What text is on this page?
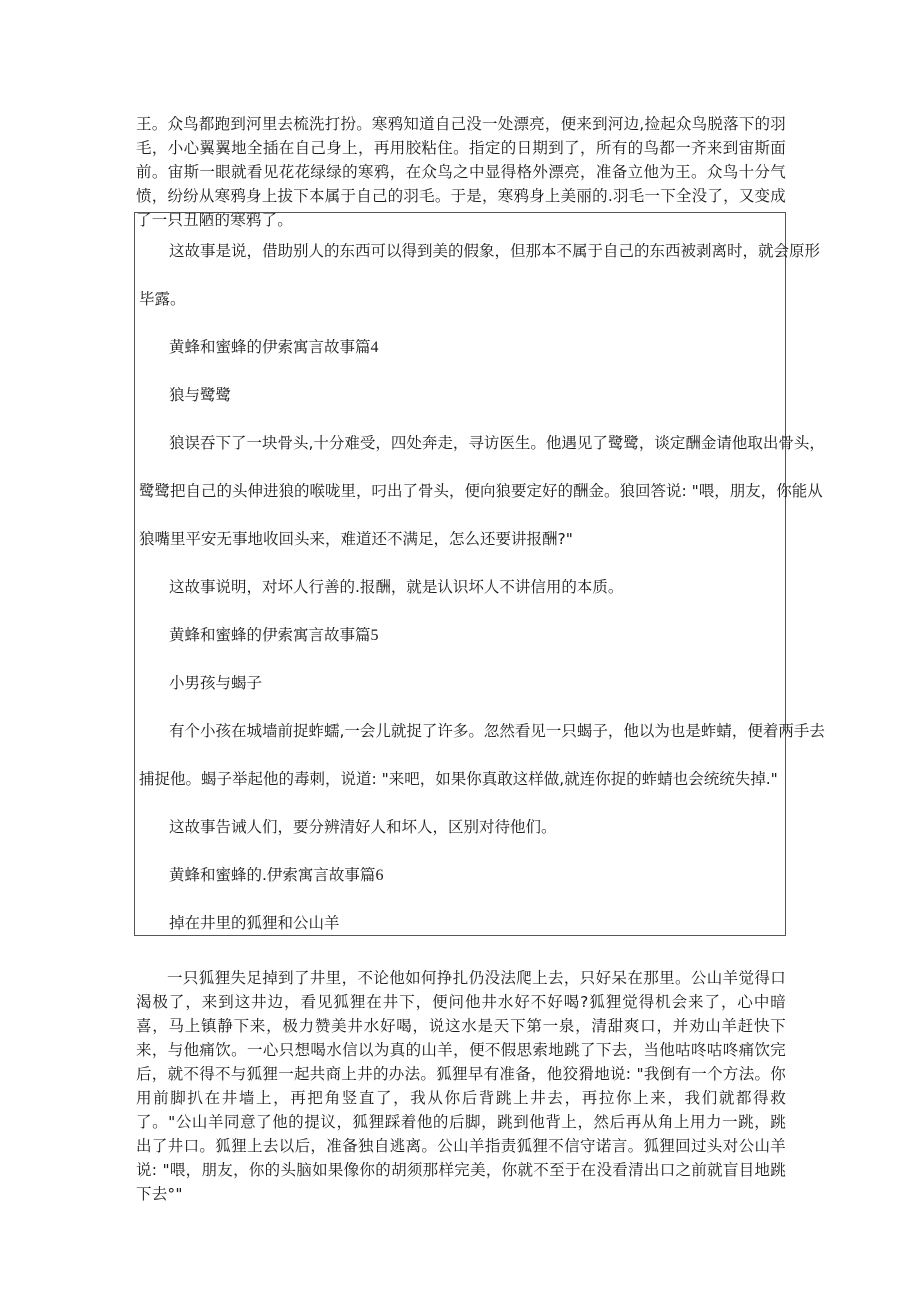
王。众鸟都跑到河里去梳洗打扮。寒鸦知道自己没一处漂亮，便来到河边,捡起众鸟脱落下的羽毛，小心翼翼地全插在自己身上，再用胶粘住。指定的日期到了，所有的鸟都一齐来到宙斯面前。宙斯一眼就看见花花绿绿的寒鸦，在众鸟之中显得格外漂亮，准备立他为王。众鸟十分气愤，纷纷从寒鸦身上拔下本属于自己的羽毛。于是，寒鸦身上美丽的.羽毛一下全没了，又变成了一只丑陋的寒鸦了。

这故事是说，借助别人的东西可以得到美的假象，但那本不属于自己的东西被剥离时，就会原形

毕露。

黄蜂和蜜蜂的伊索寓言故事篇4

狼与鹭鹭

狼误吞下了一块骨头,十分难受，四处奔走，寻访医生。他遇见了鹭鹭，谈定酬金请他取出骨头，

鹭鹭把自己的头伸进狼的喉咙里，叼出了骨头，便向狼要定好的酬金。狼回答说: "喂，朋友，你能从

狼嘴里平安无事地收回头来，难道还不满足，怎么还要讲报酬?"

这故事说明，对坏人行善的.报酬，就是认识坏人不讲信用的本质。

黄蜂和蜜蜂的伊索寓言故事篇5

小男孩与蝎子

有个小孩在城墙前捉蚱蠕,一会儿就捉了许多。忽然看见一只蝎子，他以为也是蚱蜻，便着两手去

捕捉他。蝎子举起他的毒刺，说道: "来吧，如果你真敢这样做,就连你捉的蚱蜻也会统统失掉."

这故事告诫人们，要分辨清好人和坏人，区别对待他们。

黄蜂和蜜蜂的.伊索寓言故事篇6

掉在井里的狐狸和公山羊

一只狐狸失足掉到了井里，不论他如何挣扎仍没法爬上去，只好呆在那里。公山羊觉得口渴极了，来到这井边，看见狐狸在井下，便问他井水好不好喝?狐狸觉得机会来了，心中暗喜，马上镇静下来，极力赞美井水好喝，说这水是天下第一泉，清甜爽口，并劝山羊赶快下来，与他痛饮。一心只想喝水信以为真的山羊，便不假思索地跳了下去，当他咕咚咕咚痛饮完后，就不得不与狐狸一起共商上井的办法。狐狸早有准备，他狡猾地说: "我倒有一个方法。你用前脚扒在井墙上，再把角竖直了，我从你后背跳上井去，再拉你上来，我们就都得救了。"公山羊同意了他的提议，狐狸踩着他的后脚，跳到他背上，然后再从角上用力一跳，跳出了井口。狐狸上去以后，准备独自逃离。公山羊指责狐狸不信守诺言。狐狸回过头对公山羊说: "喂，朋友，你的头脑如果像你的胡须那样完美，你就不至于在没看清出口之前就盲目地跳下去°"
